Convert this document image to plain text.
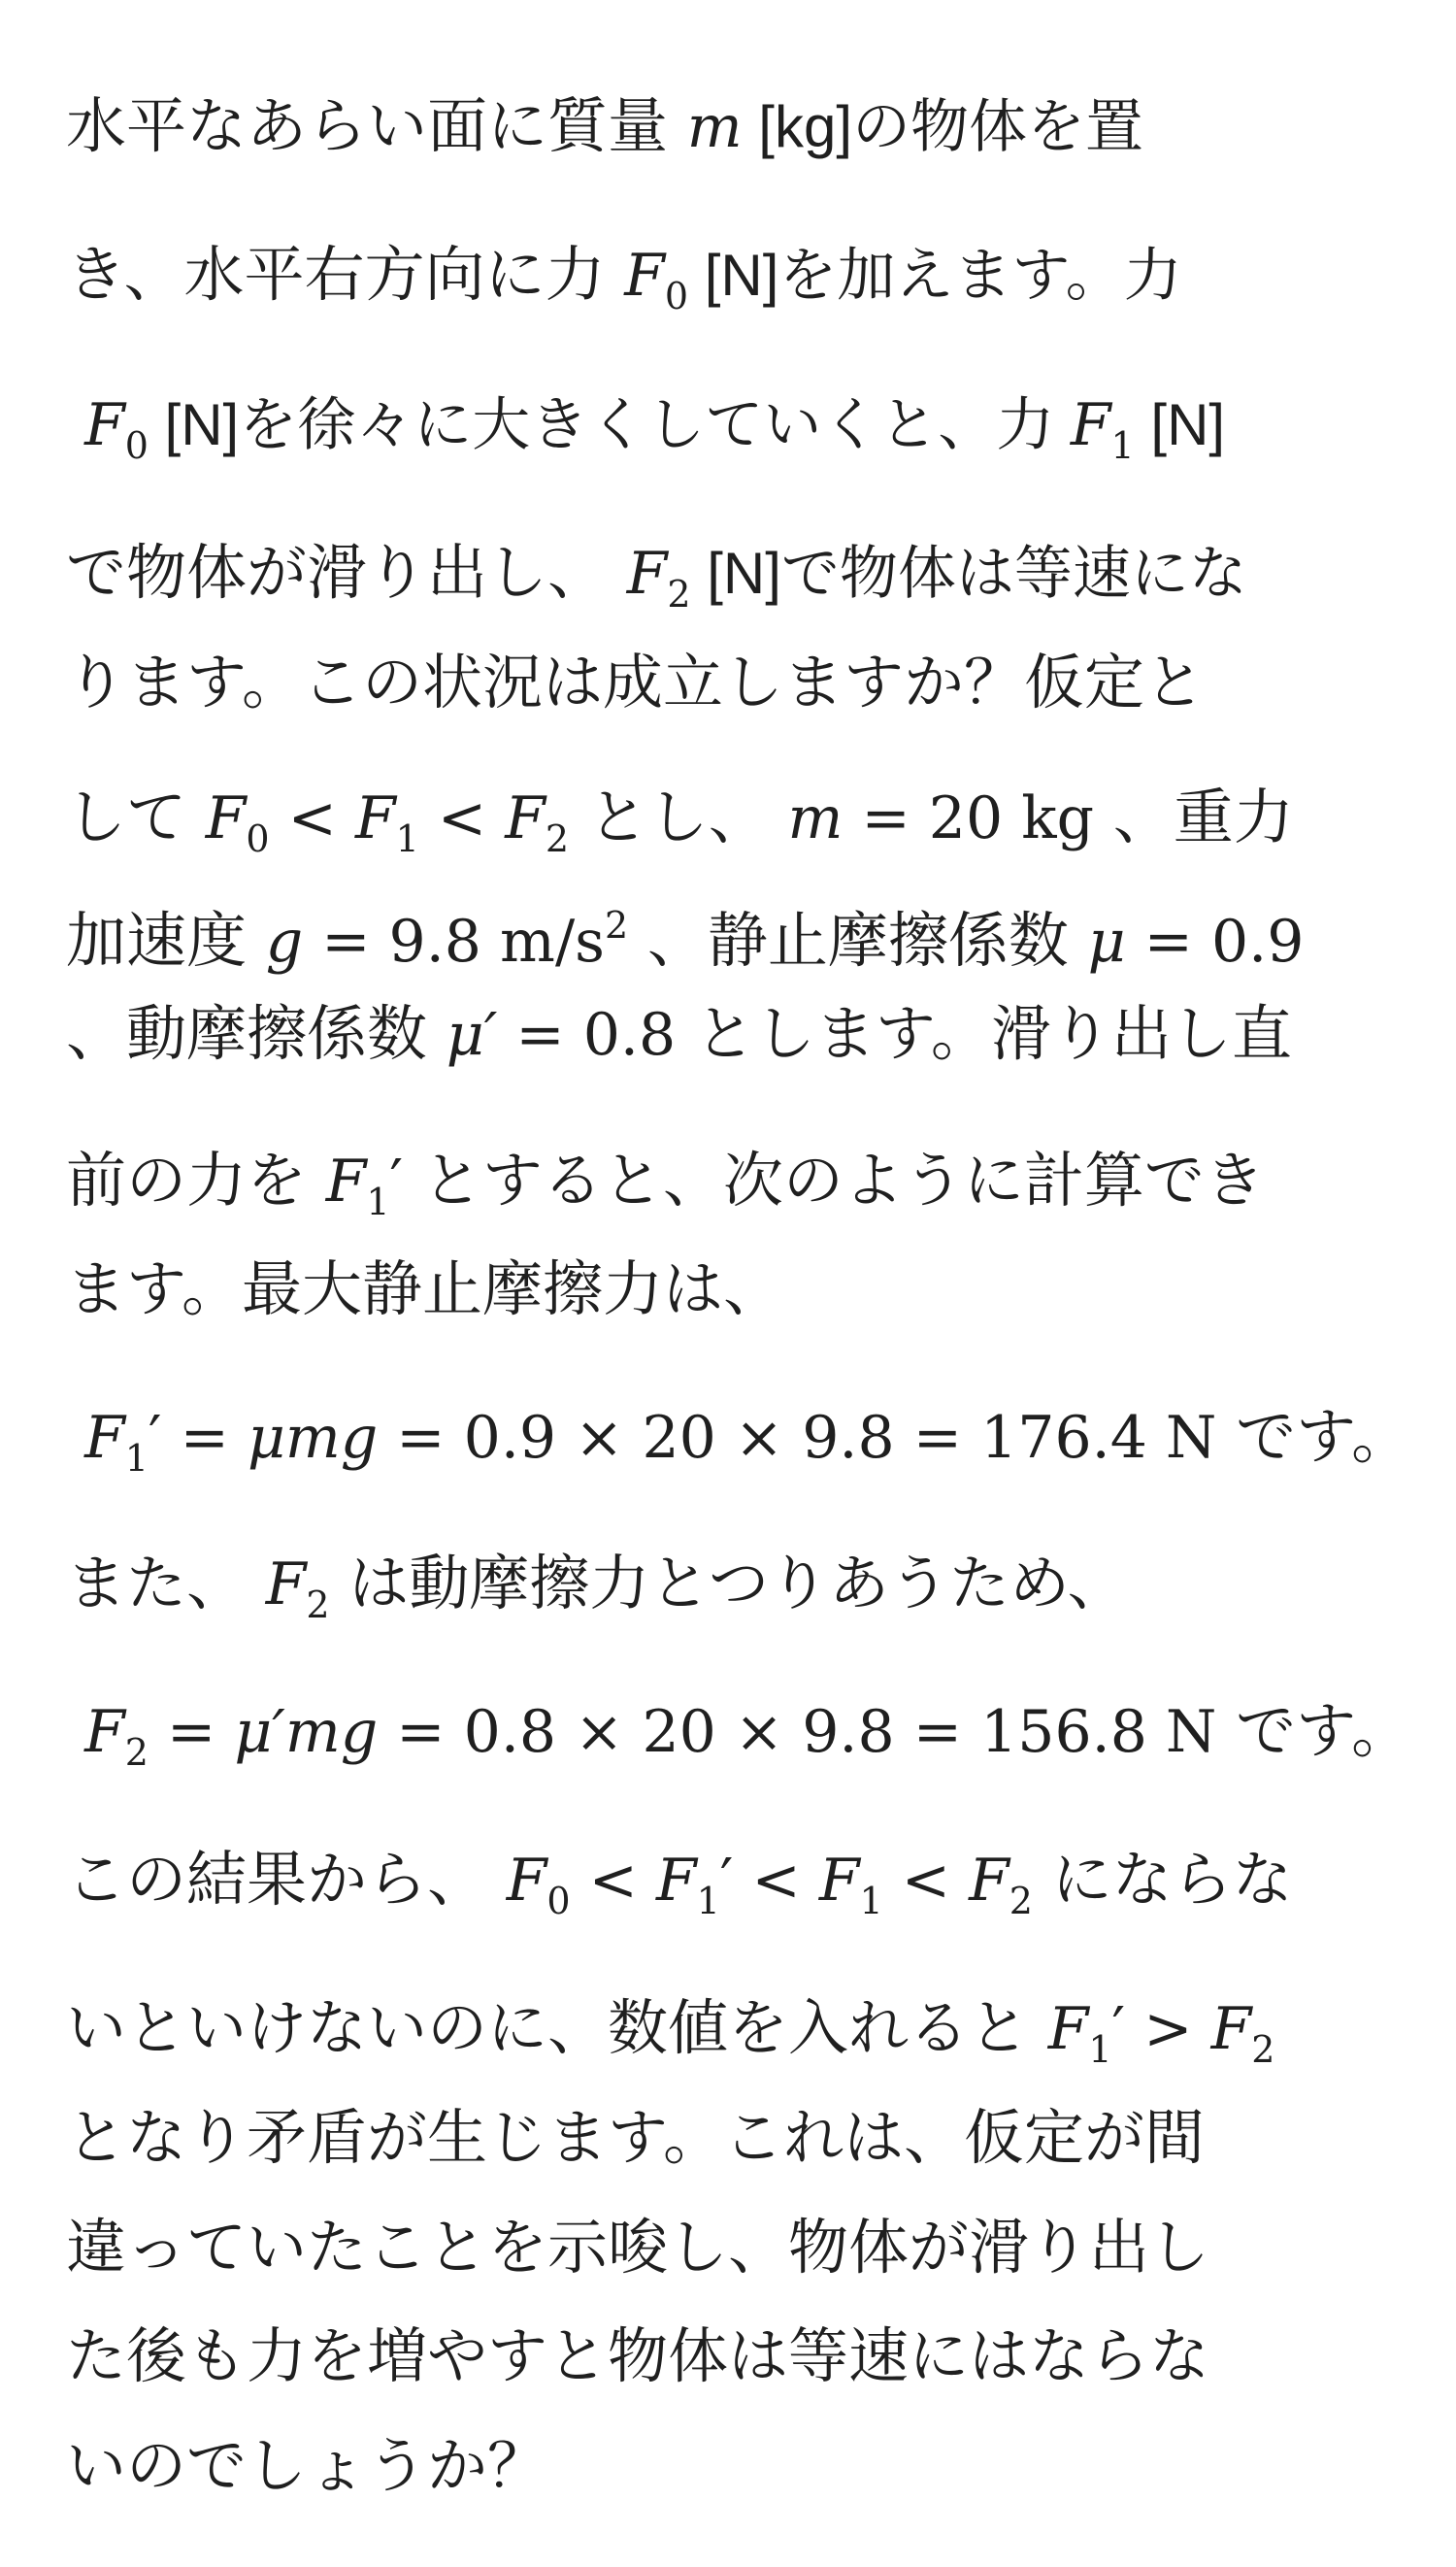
水平なあらい面に質量 m [kg]の物体を置
き、水平右方向に力 $F_0$ [N]を加えます。力
$F_0$ [N]を徐々に大きくしていくと、力 $F_1$ [N]
で物体が滑り出し、 $F_2$ [N]で物体は等速にな
ります。この状況は成立しますか？仮定と
して $F_0 < F_1 < F_2$ とし、 m = 20 kg 、重力
加速度 g = 9.8 $m/s^2$ 、静止摩擦係数 μ = 0.9
、動摩擦係数 μ′ = 0.8 とします。滑り出し直
前の力を $F_1'$ とすると、次のように計算でき
ます。最大静止摩擦力は、
$F_1' = \mu mg = 0.9 \times 20 \times 9.8 = 176.4$ N です。
また、 $F_2$ は動摩擦力とつりあうため、
$F_2 = \mu'mg = 0.8 \times 20 \times 9.8 = 156.8$ N です。
この結果から、 $F_0 < F_1' < F_1 < F_2$ にならな
いといけないのに、数値を入れると $F_1' > F_2$
となり矛盾が生じます。これは、仮定が間
違っていたことを示唆し、物体が滑り出し
た後も力を増やすと物体は等速にはならな
いのでしょうか？
